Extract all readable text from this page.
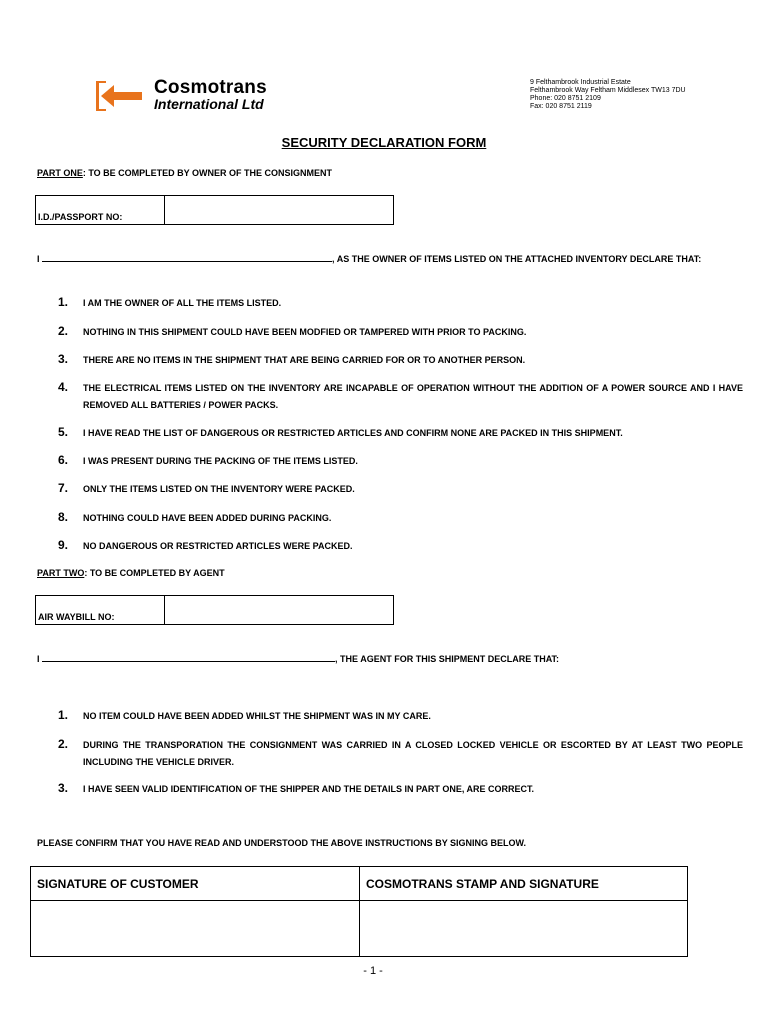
Cosmotrans
International Ltd
9 Felthambrook Industrial Estate
Felthambrook Way Feltham Middlesex TW13 7DU
Phone: 020 8751 2109
Fax: 020 8751 2119
SECURITY DECLARATION FORM
PART ONE: TO BE COMPLETED BY OWNER OF THE CONSIGNMENT
I.D./PASSPORT NO:
I	, AS THE OWNER OF ITEMS LISTED ON THE ATTACHED INVENTORY DECLARE THAT:
1. I AM THE OWNER OF ALL THE ITEMS LISTED.
2. NOTHING IN THIS SHIPMENT COULD HAVE BEEN MODFIED OR TAMPERED WITH PRIOR TO PACKING.
3. THERE ARE NO ITEMS IN THE SHIPMENT THAT ARE BEING CARRIED FOR OR TO ANOTHER PERSON.
4. THE ELECTRICAL ITEMS LISTED ON THE INVENTORY ARE INCAPABLE OF OPERATION WITHOUT THE ADDITION OF A POWER SOURCE AND I HAVE REMOVED ALL BATTERIES / POWER PACKS.
5. I HAVE READ THE LIST OF DANGEROUS OR RESTRICTED ARTICLES AND CONFIRM NONE ARE PACKED IN THIS SHIPMENT.
6. I WAS PRESENT DURING THE PACKING OF THE ITEMS LISTED.
7. ONLY THE ITEMS LISTED ON THE INVENTORY WERE PACKED.
8. NOTHING COULD HAVE BEEN ADDED DURING PACKING.
9. NO DANGEROUS OR RESTRICTED ARTICLES WERE PACKED.
PART TWO: TO BE COMPLETED BY AGENT
AIR WAYBILL NO:
I	, THE AGENT FOR THIS SHIPMENT DECLARE THAT:
1. NO ITEM COULD HAVE BEEN ADDED WHILST THE SHIPMENT WAS IN MY CARE.
2. DURING THE TRANSPORATION THE CONSIGNMENT WAS CARRIED IN A CLOSED LOCKED VEHICLE OR ESCORTED BY AT LEAST TWO PEOPLE INCLUDING THE VEHICLE DRIVER.
3. I HAVE SEEN VALID IDENTIFICATION OF THE SHIPPER AND THE DETAILS IN PART ONE, ARE CORRECT.
PLEASE CONFIRM THAT YOU HAVE READ AND UNDERSTOOD THE ABOVE INSTRUCTIONS BY SIGNING BELOW.
SIGNATURE OF CUSTOMER	COSMOTRANS STAMP AND SIGNATURE

- 1 -
